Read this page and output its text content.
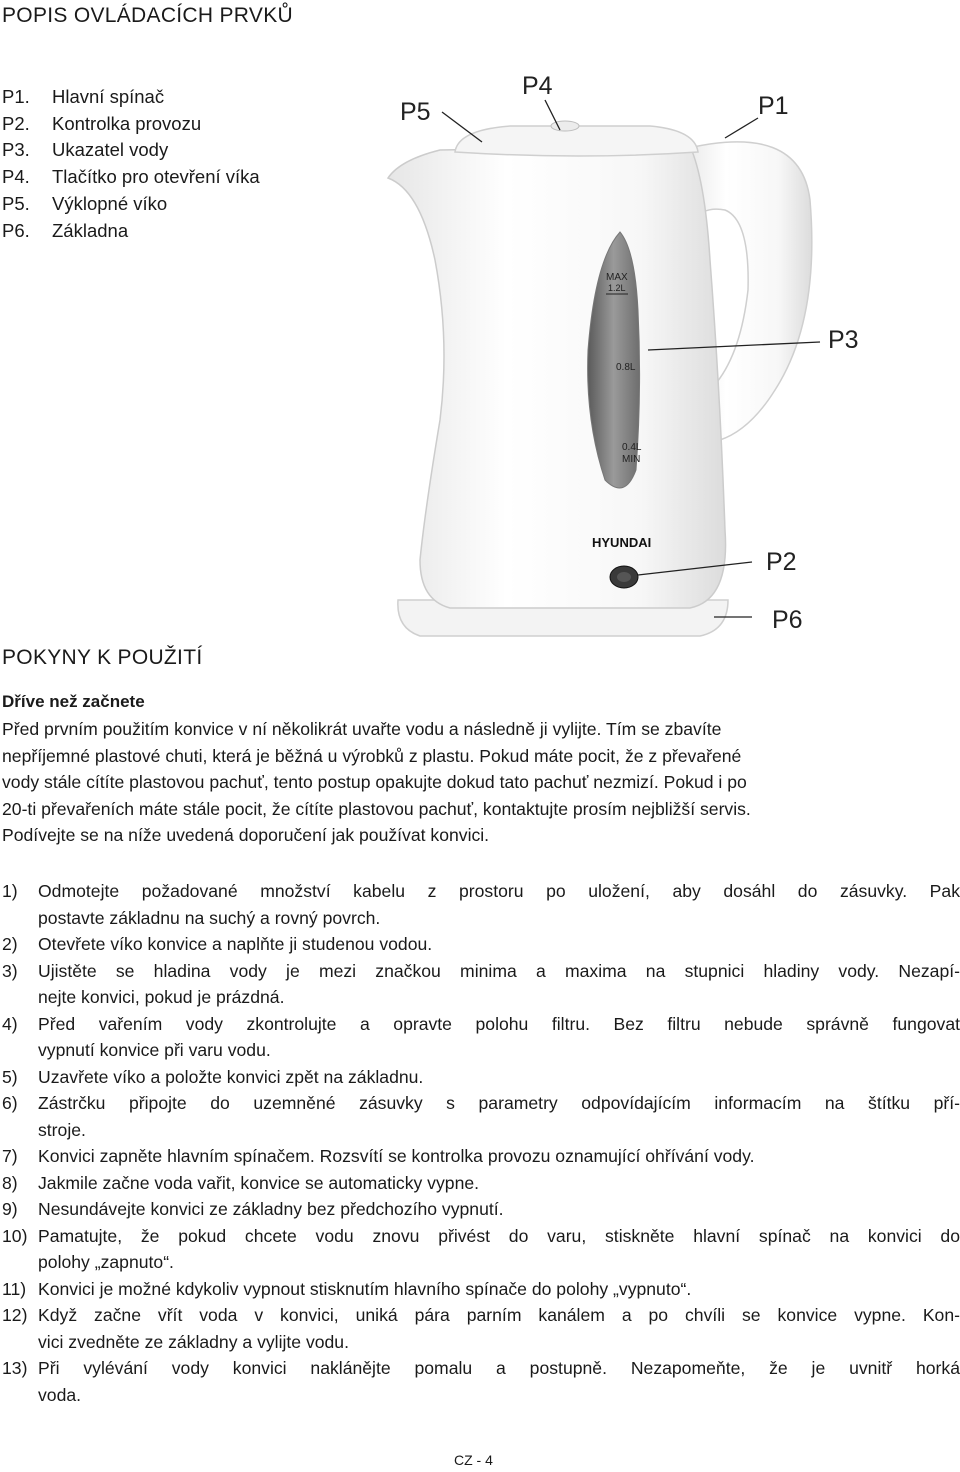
POPIS OVLÁDACÍCH PRVKŮ
P1.	Hlavní spínač
P2.	Kontrolka provozu
P3.	Ukazatel vody
P4.	Tlačítko pro otevření víka
P5.	Výklopné víko
P6.	Základna
MAX
1.2L
0.8L
0.4L
MIN
HYUNDAI
P5
P4
P1
P3
P2
P6
POKYNY K POUŽITÍ
Dříve než začnete
Před prvním použitím konvice v ní několikrát uvařte vodu a následně ji vylijte. Tím se zbavíte
nepříjemné plastové chuti, která je běžná u výrobků z plastu. Pokud máte pocit, že z převařené
vody stále cítíte plastovou pachuť, tento postup opakujte dokud tato pachuť nezmizí. Pokud i po
20-ti převařeních máte stále pocit, že cítíte plastovou pachuť, kontaktujte prosím nejbližší servis.
Podívejte se na níže uvedená doporučení jak používat konvici.
1)	Odmotejte požadované množství kabelu z prostoru po uložení, aby dosáhl do zásuvky. Pak
postavte základnu na suchý a rovný povrch.
2)	Otevřete víko konvice a naplňte ji studenou vodou.
3)	Ujistěte se hladina vody je mezi značkou minima a maxima na stupnici hladiny vody. Nezapí-
nejte konvici, pokud je prázdná.
4)	Před vařením vody zkontrolujte a opravte polohu filtru. Bez filtru nebude správně fungovat
vypnutí konvice při varu vodu.
5)	Uzavřete víko a položte konvici zpět na základnu.
6)	Zástrčku připojte do uzemněné zásuvky s parametry odpovídajícím informacím na štítku pří-
stroje.
7)	Konvici zapněte hlavním spínačem. Rozsvítí se kontrolka provozu oznamující ohřívání vody.
8)	Jakmile začne voda vařit, konvice se automaticky vypne.
9)	Nesundávejte konvici ze základny bez předchozího vypnutí.
10) Pamatujte, že pokud chcete vodu znovu přivést do varu, stiskněte hlavní spínač na konvici do
polohy „zapnuto“.
11) Konvici je možné kdykoliv vypnout stisknutím hlavního spínače do polohy „vypnuto“.
12) Když začne vřít voda v konvici, uniká pára parním kanálem a po chvíli se konvice vypne. Kon-
vici zvedněte ze základny a vylijte vodu.
13) Při vylévání vody konvici naklánějte pomalu a postupně. Nezapomeňte, že je uvnitř horká
voda.
CZ - 4
